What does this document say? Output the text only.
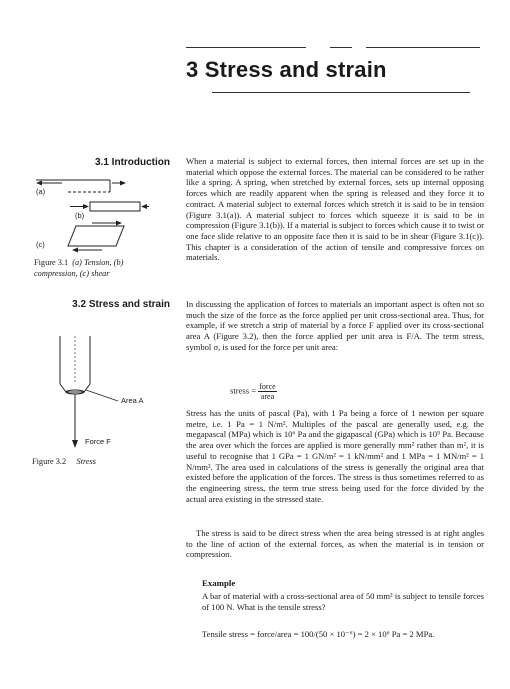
3 Stress and strain
3.1 Introduction When a material is subject to external forces, then internal forces are set up in the material which oppose the external forces. The material can be considered to be rather like a spring. A spring, when stretched by external forces, sets up internal opposing forces which are readily apparent when the spring is released and they force it to contract. A material subject to external forces which stretch it is said to be in tension (Figure 3.1(a)). A material subject to forces which squeeze it is said to be in compression (Figure 3.1(b)). If a material is subject to forces which cause it to twist or one face slide relative to an opposite face then it is said to be in shear (Figure 3.1(c)). This chapter is a consideration of the action of tensile and compressive forces on materials.

(a)
(b)
(c)
Figure 3.1 (a) Tension, (b) compression, (c) shear
3.2 Stress and strain In discussing the application of forces to materials an important aspect is often not so much the size of the force as the force applied per unit cross-sectional area. Thus, for example, if we stretch a strip of material by a force F applied over its cross-sectional area A (Figure 3.2), then the force applied per unit area is F/A. The term stress, symbol σ, is used for the force per unit area:

stress = $\frac{\text{force}}{\text{area}}$

Stress has the units of pascal (Pa), with 1 Pa being a force of 1 newton per square metre, i.e. 1 Pa = 1 N/m². Multiples of the pascal are generally used, e.g. the megapascal (MPa) which is 10⁶ Pa and the gigapascal (GPa) which is 10⁹ Pa. Because the area over which the forces are applied is more generally mm² rather than m², it is useful to recognise that 1 GPa = 1 GN/m² = 1 kN/mm² and 1 MPa = 1 MN/m² = 1 N/mm². The area used in calculations of the stress is generally the original area that existed before the application of the forces. The stress is thus sometimes referred to as the engineering stress, the term true stress being used for the force divided by the actual area existing in the stressed state.

The stress is said to be direct stress when the area being stressed is at right angles to the line of action of the external forces, as when the material is in tension or compression.

Area A
Force F
Figure 3.2 Stress
Example

A bar of material with a cross-sectional area of 50 mm² is subject to tensile forces of 100 N. What is the tensile stress?

Tensile stress = force/area = 100/(50 × 10⁻⁶) = 2 × 10⁶ Pa = 2 MPa.
